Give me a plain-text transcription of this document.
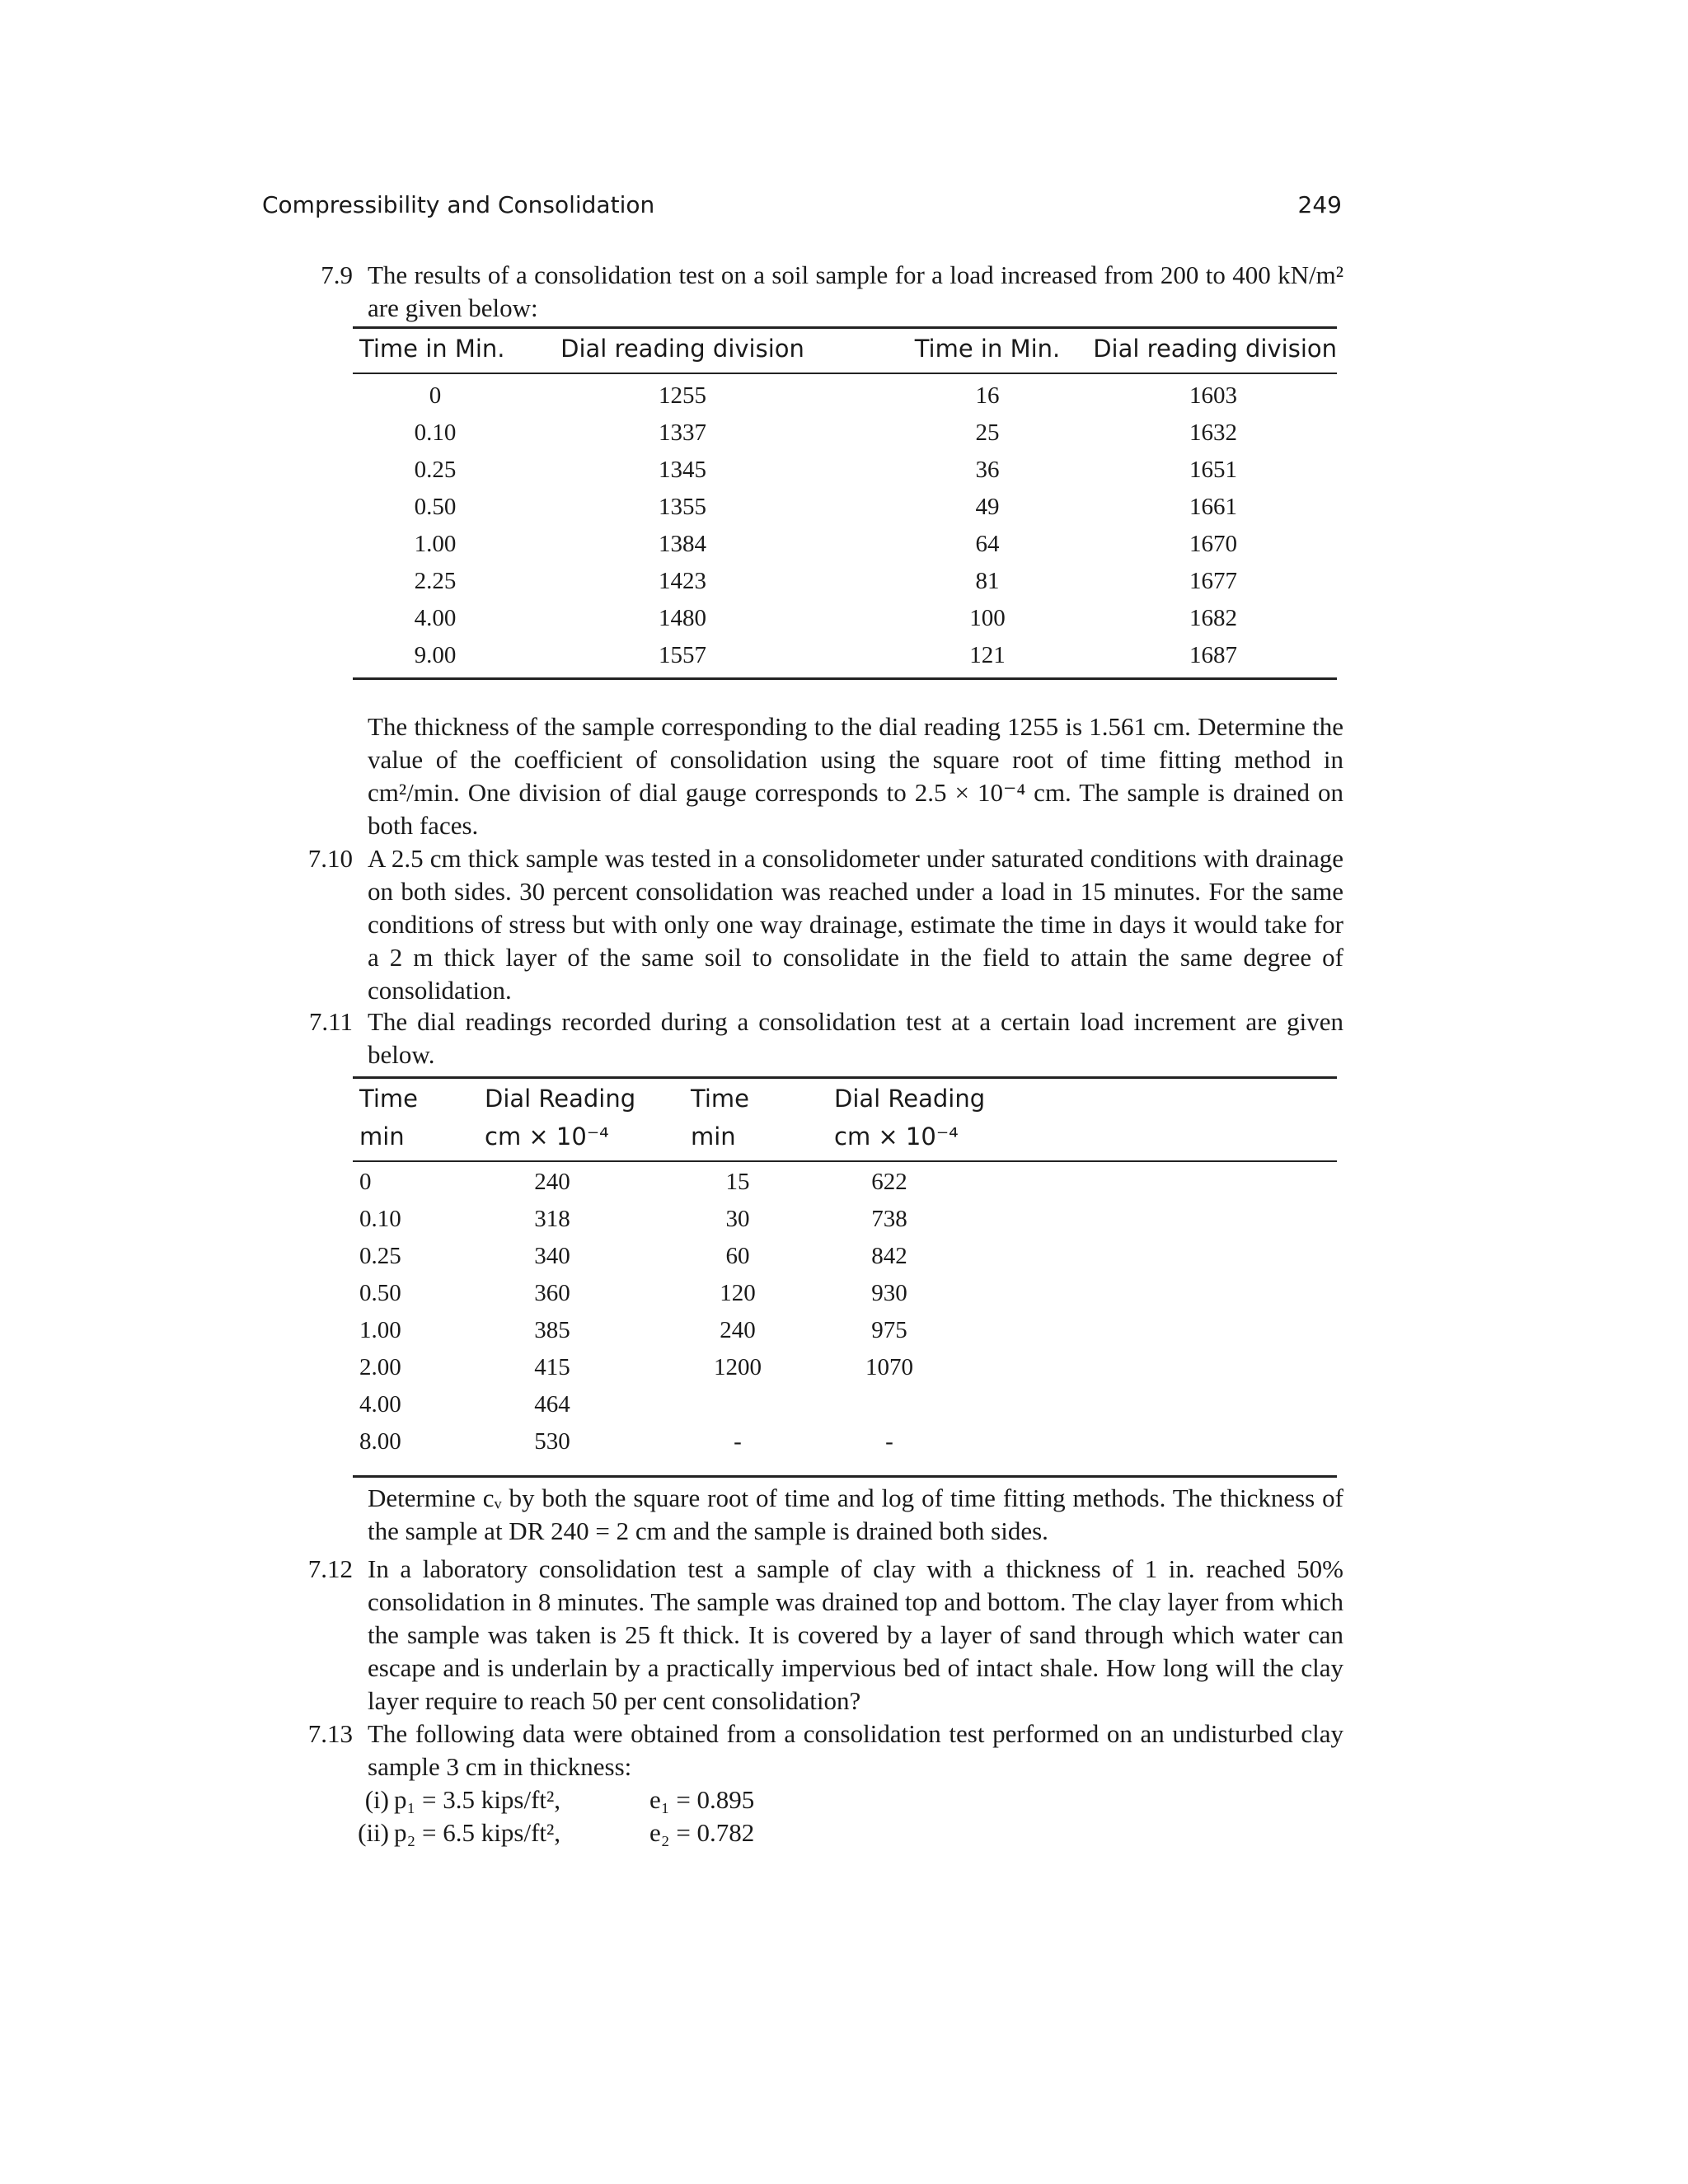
Compressibility and Consolidation	249
7.9 The results of a consolidation test on a soil sample for a load increased from 200 to 400 kN/m² are given below:

Time in Min.	Dial reading division	Time in Min.	Dial reading division
0	1255	16	1603
0.10	1337	25	1632
0.25	1345	36	1651
0.50	1355	49	1661
1.00	1384	64	1670
2.25	1423	81	1677
4.00	1480	100	1682
9.00	1557	121	1687

The thickness of the sample corresponding to the dial reading 1255 is 1.561 cm. Determine the value of the coefficient of consolidation using the square root of time fitting method in cm²/min. One division of dial gauge corresponds to 2.5 × 10⁻⁴ cm. The sample is drained on both faces.

7.10 A 2.5 cm thick sample was tested in a consolidometer under saturated conditions with drainage on both sides. 30 percent consolidation was reached under a load in 15 minutes. For the same conditions of stress but with only one way drainage, estimate the time in days it would take for a 2 m thick layer of the same soil to consolidate in the field to attain the same degree of consolidation.

7.11 The dial readings recorded during a consolidation test at a certain load increment are given below.

Time	Dial Reading	Time	Dial Reading
min	cm × 10⁻⁴	min	cm × 10⁻⁴
0	240	15	622
0.10	318	30	738
0.25	340	60	842
0.50	360	120	930
1.00	385	240	975
2.00	415	1200	1070
4.00	464
8.00	530	-	-

Determine cᵥ by both the square root of time and log of time fitting methods. The thickness of the sample at DR 240 = 2 cm and the sample is drained both sides.

7.12 In a laboratory consolidation test a sample of clay with a thickness of 1 in. reached 50% consolidation in 8 minutes. The sample was drained top and bottom. The clay layer from which the sample was taken is 25 ft thick. It is covered by a layer of sand through which water can escape and is underlain by a practically impervious bed of intact shale. How long will the clay layer require to reach 50 per cent consolidation?

7.13 The following data were obtained from a consolidation test performed on an undisturbed clay sample 3 cm in thickness:

(i) p₁ = 3.5 kips/ft²,	e₁ = 0.895
(ii) p₂ = 6.5 kips/ft²,	e₂ = 0.782
